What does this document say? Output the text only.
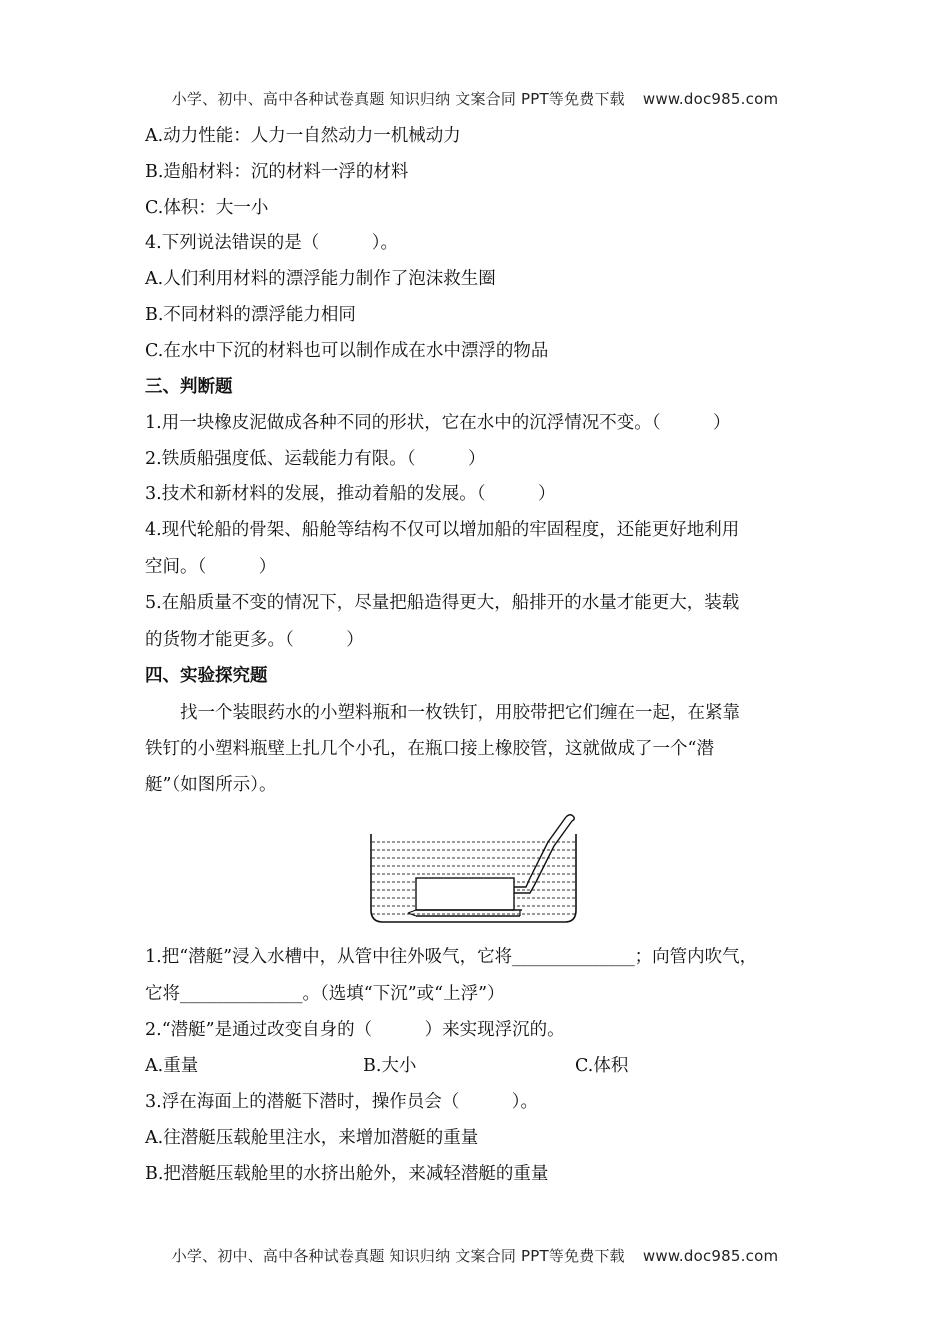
小学、初中、高中各种试卷真题 知识归纳 文案合同 PPT等免费下载 www.doc985.com
A.动力性能：人力一自然动力一机械动力
B.造船材料：沉的材料一浮的材料
C.体积：大一小
4.下列说法错误的是（　　　）。
A.人们利用材料的漂浮能力制作了泡沫救生圈
B.不同材料的漂浮能力相同
C.在水中下沉的材料也可以制作成在水中漂浮的物品
三、判断题
1.用一块橡皮泥做成各种不同的形状，它在水中的沉浮情况不变。（　　　）
2.铁质船强度低、运载能力有限。（　　　）
3.技术和新材料的发展，推动着船的发展。（　　　）
4.现代轮船的骨架、船舱等结构不仅可以增加船的牢固程度，还能更好地利用
空间。（　　　）
5.在船质量不变的情况下，尽量把船造得更大，船排开的水量才能更大，装载
的货物才能更多。（　　　）
四、实验探究题
　　找一个装眼药水的小塑料瓶和一枚铁钉，用胶带把它们缠在一起，在紧靠
铁钉的小塑料瓶壁上扎几个小孔，在瓶口接上橡胶管，这就做成了一个“潜
艇”（如图所示）。
1.把“潜艇”浸入水槽中，从管中往外吸气，它将______________；向管内吹气，
它将______________。（选填“下沉”或“上浮”）
2.“潜艇”是通过改变自身的（　　　）来实现浮沉的。
A.重量	B.大小	C.体积
3.浮在海面上的潜艇下潜时，操作员会（　　　）。
A.往潜艇压载舱里注水，来增加潜艇的重量
B.把潜艇压载舱里的水挤出舱外，来减轻潜艇的重量
小学、初中、高中各种试卷真题 知识归纳 文案合同 PPT等免费下载 www.doc985.com
